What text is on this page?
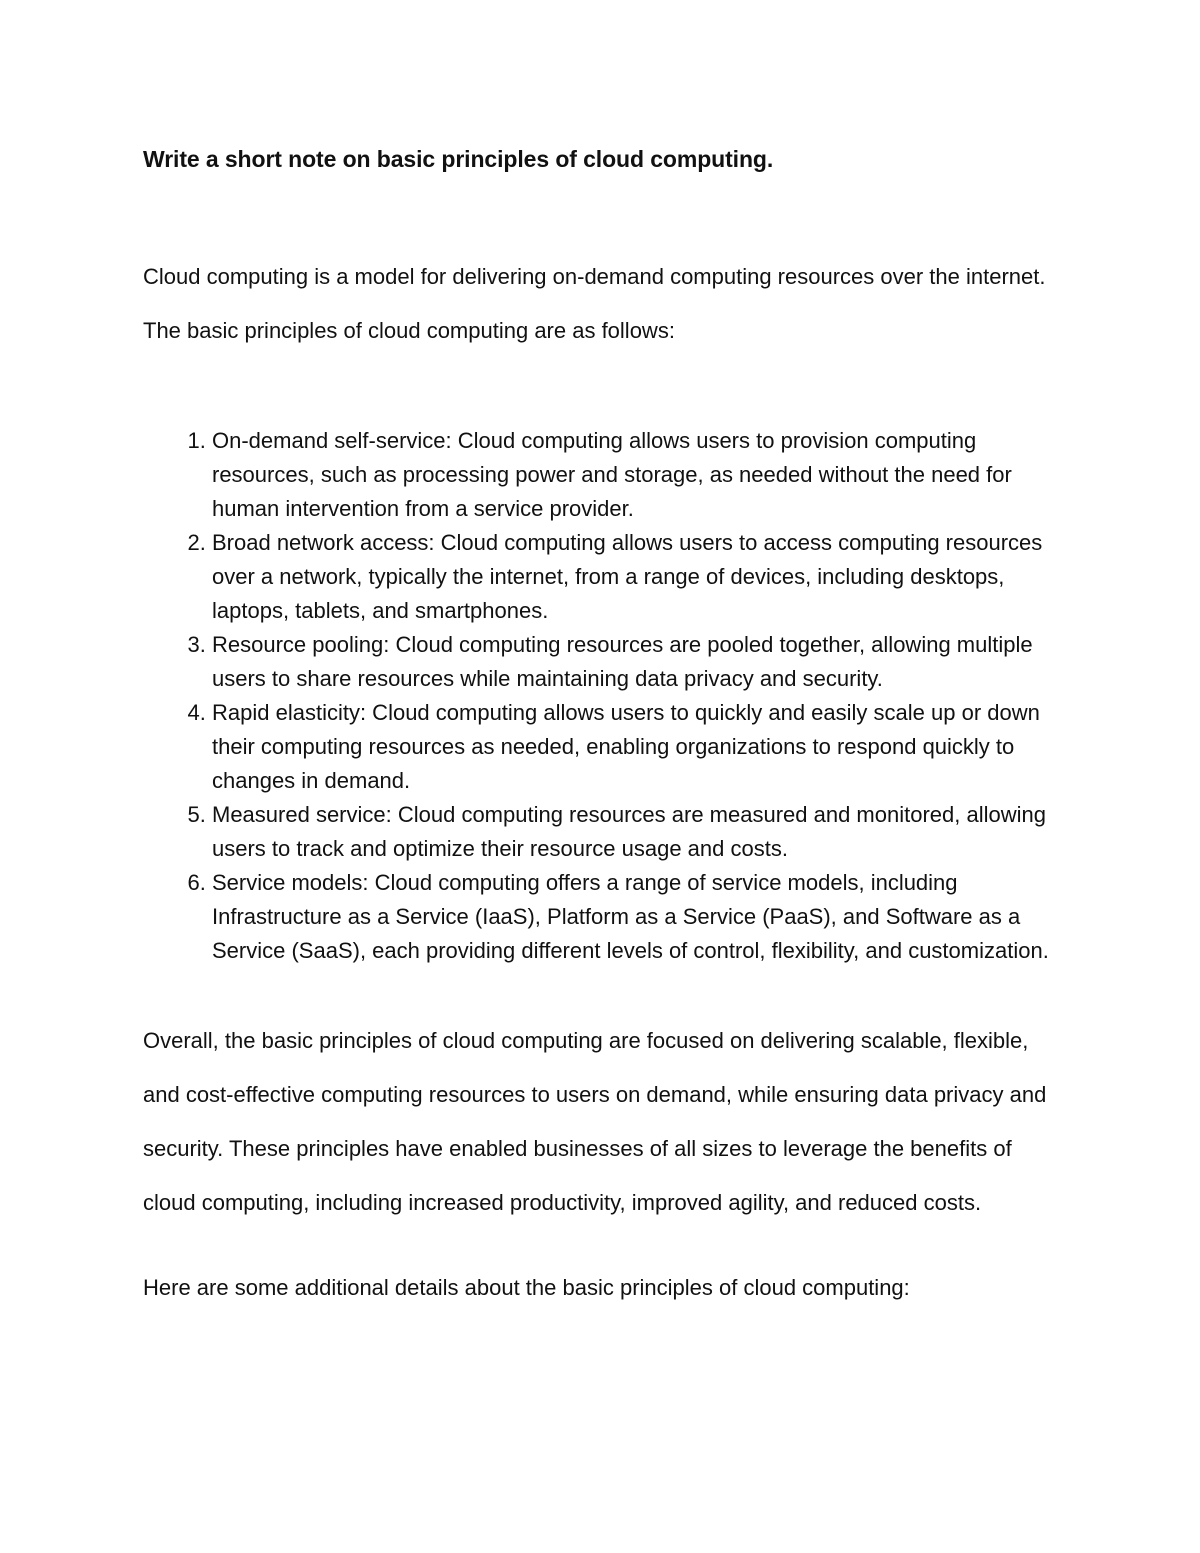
Write a short note on basic principles of cloud computing.

Cloud computing is a model for delivering on-demand computing resources over the internet. The basic principles of cloud computing are as follows:

1. On-demand self-service: Cloud computing allows users to provision computing resources, such as processing power and storage, as needed without the need for human intervention from a service provider.
2. Broad network access: Cloud computing allows users to access computing resources over a network, typically the internet, from a range of devices, including desktops, laptops, tablets, and smartphones.
3. Resource pooling: Cloud computing resources are pooled together, allowing multiple users to share resources while maintaining data privacy and security.
4. Rapid elasticity: Cloud computing allows users to quickly and easily scale up or down their computing resources as needed, enabling organizations to respond quickly to changes in demand.
5. Measured service: Cloud computing resources are measured and monitored, allowing users to track and optimize their resource usage and costs.
6. Service models: Cloud computing offers a range of service models, including Infrastructure as a Service (IaaS), Platform as a Service (PaaS), and Software as a Service (SaaS), each providing different levels of control, flexibility, and customization.

Overall, the basic principles of cloud computing are focused on delivering scalable, flexible, and cost-effective computing resources to users on demand, while ensuring data privacy and security. These principles have enabled businesses of all sizes to leverage the benefits of cloud computing, including increased productivity, improved agility, and reduced costs.

Here are some additional details about the basic principles of cloud computing:
